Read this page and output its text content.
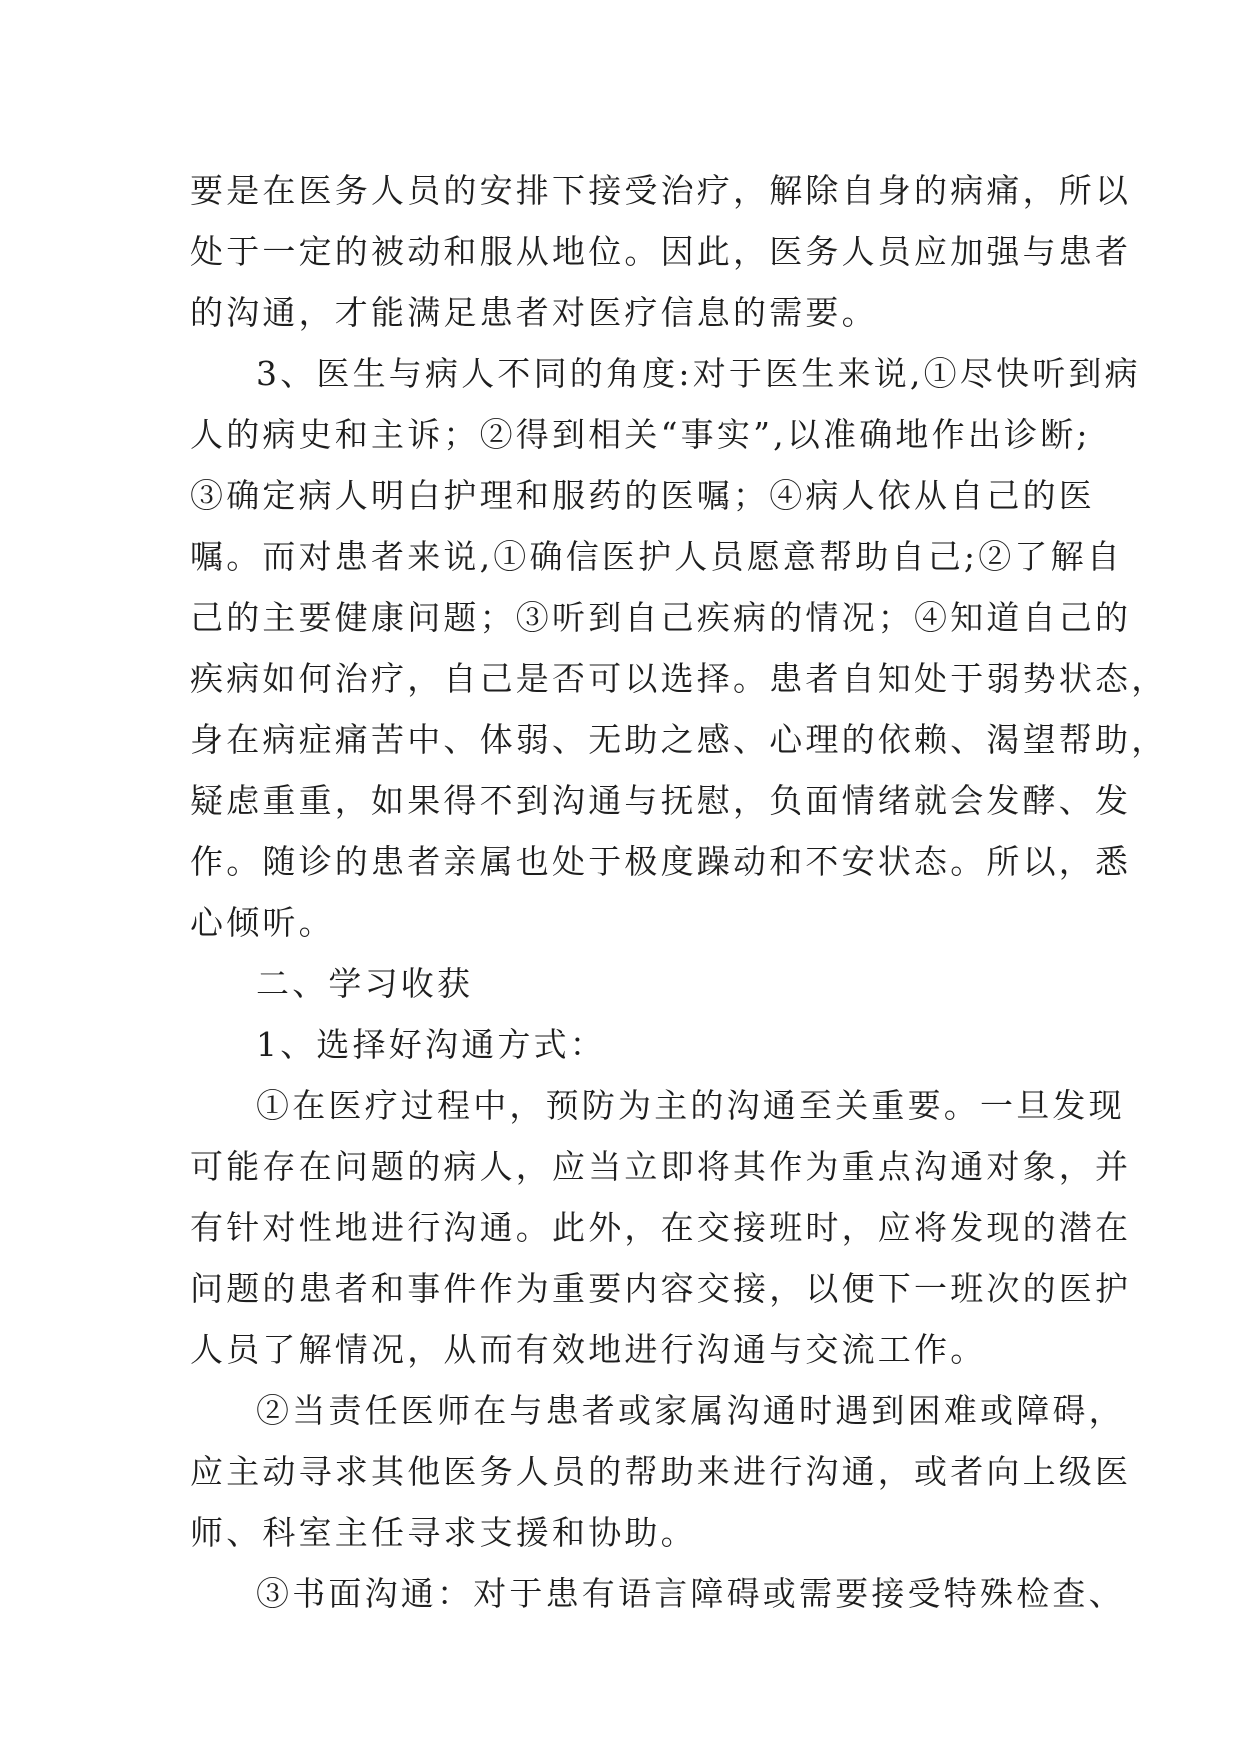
要是在医务人员的安排下接受治疗，解除自身的病痛，所以
处于一定的被动和服从地位。因此，医务人员应加强与患者
的沟通，才能满足患者对医疗信息的需要。
3、医生与病人不同的角度:对于医生来说,①尽快听到病
人的病史和主诉；②得到相关“事实”,以准确地作出诊断;
③确定病人明白护理和服药的医嘱；④病人依从自己的医
嘱。而对患者来说,①确信医护人员愿意帮助自己;②了解自
己的主要健康问题；③听到自己疾病的情况；④知道自己的
疾病如何治疗，自己是否可以选择。患者自知处于弱势状态，
身在病症痛苦中、体弱、无助之感、心理的依赖、渴望帮助，
疑虑重重，如果得不到沟通与抚慰，负面情绪就会发酵、发
作。随诊的患者亲属也处于极度躁动和不安状态。所以，悉
心倾听。
二、学习收获
1、选择好沟通方式：
①在医疗过程中，预防为主的沟通至关重要。一旦发现
可能存在问题的病人，应当立即将其作为重点沟通对象，并
有针对性地进行沟通。此外，在交接班时，应将发现的潜在
问题的患者和事件作为重要内容交接，以便下一班次的医护
人员了解情况，从而有效地进行沟通与交流工作。
②当责任医师在与患者或家属沟通时遇到困难或障碍，
应主动寻求其他医务人员的帮助来进行沟通，或者向上级医
师、科室主任寻求支援和协助。
③书面沟通：对于患有语言障碍或需要接受特殊检查、
